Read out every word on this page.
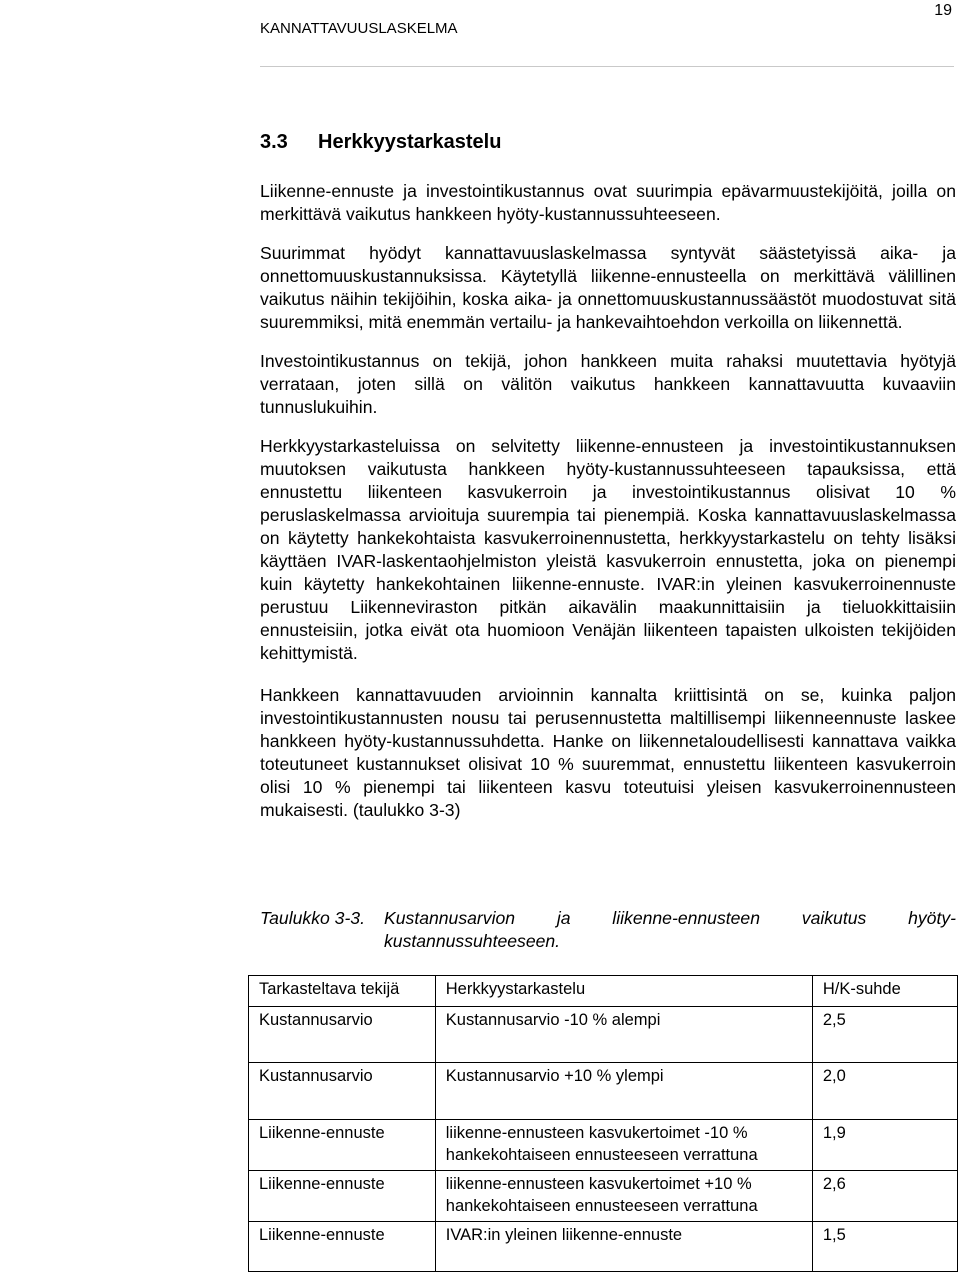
KANNATTAVUUSLASKELMA
19
3.3 Herkkyystarkastelu

Liikenne-ennuste ja investointikustannus ovat suurimpia epävarmuustekijöitä, joilla on merkittävä vaikutus hankkeen hyöty-kustannussuhteeseen.

Suurimmat hyödyt kannattavuuslaskelmassa syntyvät säästetyissä aika- ja onnettomuuskustannuksissa. Käytetyllä liikenne-ennusteella on merkittävä välillinen vaikutus näihin tekijöihin, koska aika- ja onnettomuuskustannussäästöt muodostuvat sitä suuremmiksi, mitä enemmän vertailu- ja hankevaihtoehdon verkoilla on liikennettä.

Investointikustannus on tekijä, johon hankkeen muita rahaksi muutettavia hyötyjä verrataan, joten sillä on välitön vaikutus hankkeen kannattavuutta kuvaaviin tunnuslukuihin.

Herkkyystarkasteluissa on selvitetty liikenne-ennusteen ja investointikustannuksen muutoksen vaikutusta hankkeen hyöty-kustannussuhteeseen tapauksissa, että ennustettu liikenteen kasvukerroin ja investointikustannus olisivat 10 % peruslaskelmassa arvioituja suurempia tai pienempiä. Koska kannattavuuslaskelmassa on käytetty hankekohtaista kasvukerroinennustetta, herkkyystarkastelu on tehty lisäksi käyttäen IVAR-laskentaohjelmiston yleistä kasvukerroin ennustetta, joka on pienempi kuin käytetty hankekohtainen liikenne-ennuste. IVAR:in yleinen kasvukerroinennuste perustuu Liikenneviraston pitkän aikavälin maakunnittaisiin ja tieluokkittaisiin ennusteisiin, jotka eivät ota huomioon Venäjän liikenteen tapaisten ulkoisten tekijöiden kehittymistä.

Hankkeen kannattavuuden arvioinnin kannalta kriittisintä on se, kuinka paljon investointikustannusten nousu tai perusennustetta maltillisempi liikenneennuste laskee hankkeen hyöty-kustannussuhdetta. Hanke on liikennetaloudellisesti kannattava vaikka toteutuneet kustannukset olisivat 10 % suuremmat, ennustettu liikenteen kasvukerroin olisi 10 % pienempi tai liikenteen kasvu toteutuisi yleisen kasvukerroinennusteen mukaisesti. (taulukko 3-3)

Taulukko 3-3.	Kustannusarvion ja liikenne-ennusteen vaikutus hyöty-
kustannussuhteeseen.
Tarkasteltava tekijä	Herkkyystarkastelu	H/K-suhde
Kustannusarvio	Kustannusarvio -10 % alempi	2,5
Kustannusarvio	Kustannusarvio +10 % ylempi	2,0
Liikenne-ennuste	liikenne-ennusteen kasvukertoimet -10 %
hankekohtaiseen ennusteeseen verrattuna	1,9
Liikenne-ennuste	liikenne-ennusteen kasvukertoimet +10 %
hankekohtaiseen ennusteeseen verrattuna	2,6
Liikenne-ennuste	IVAR:in yleinen liikenne-ennuste	1,5
